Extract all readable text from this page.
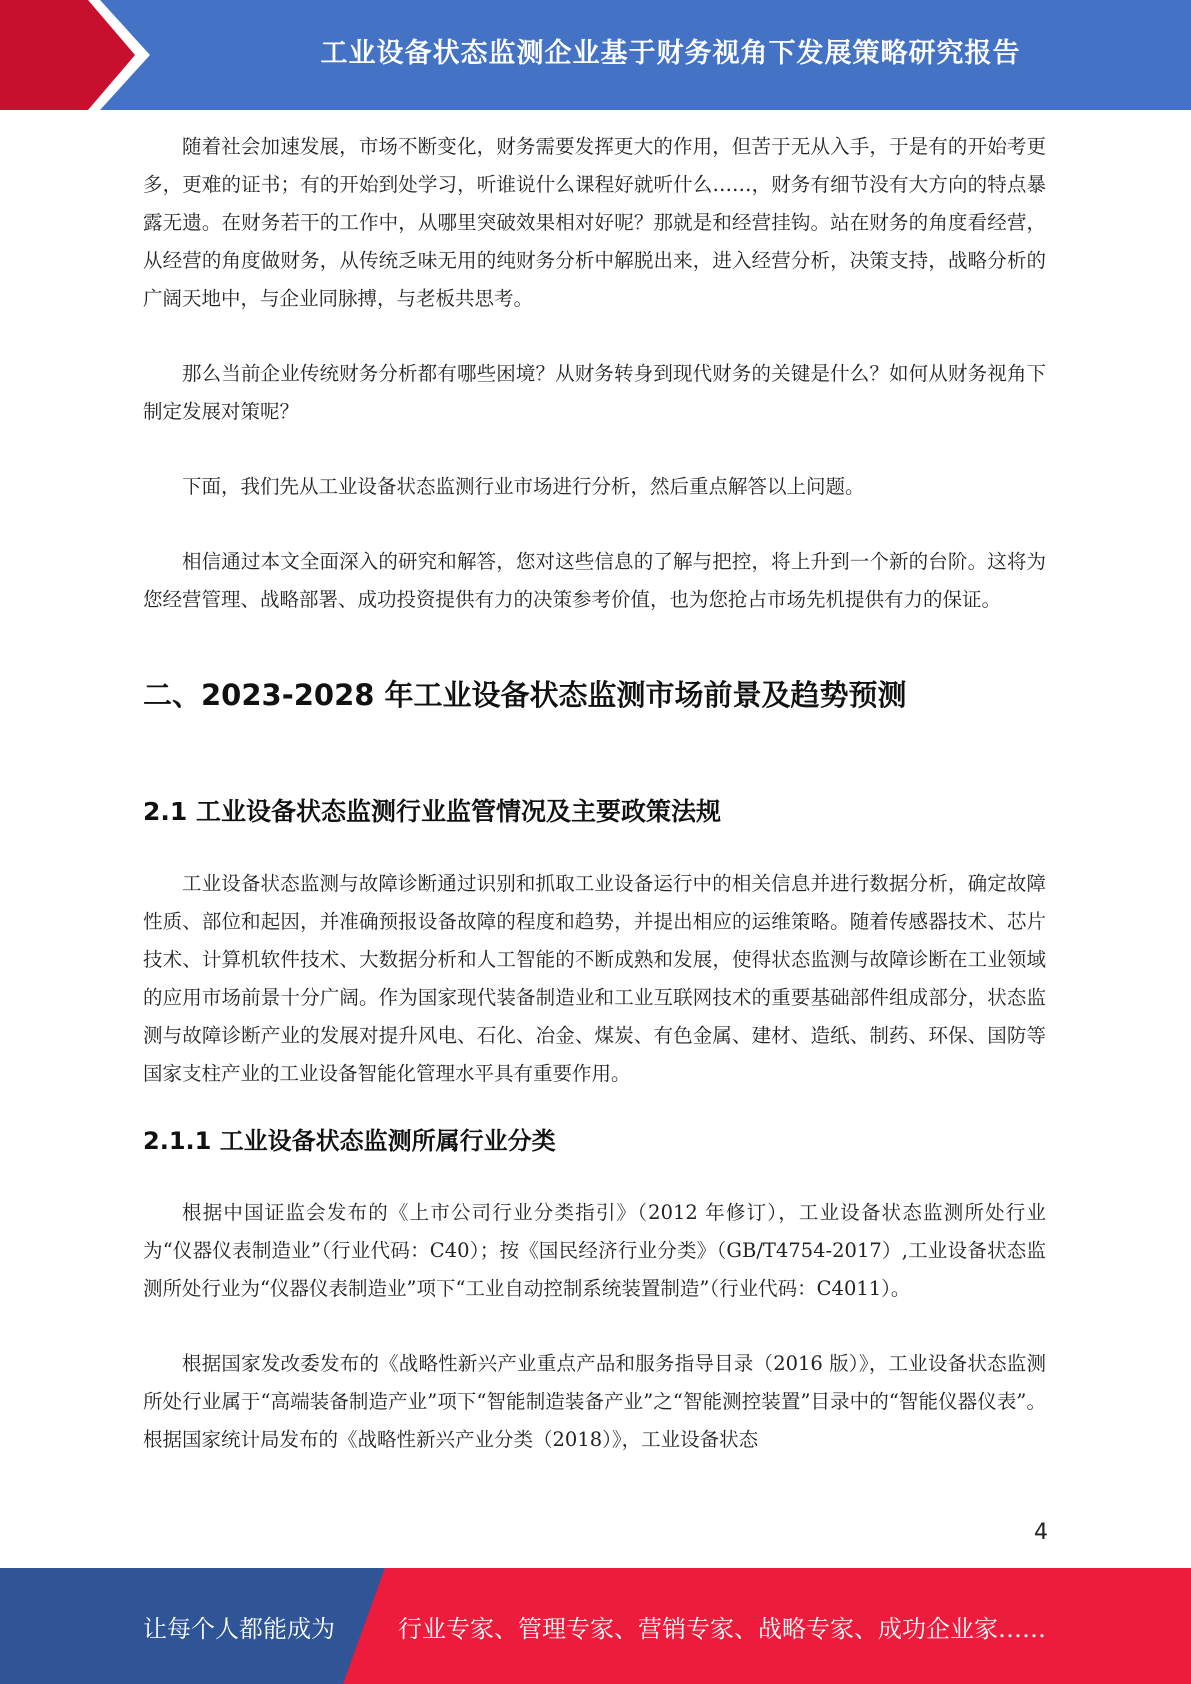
工业设备状态监测企业基于财务视角下发展策略研究报告

随着社会加速发展，市场不断变化，财务需要发挥更大的作用，但苦于无从入手，于是有的开始考更多，更难的证书；有的开始到处学习，听谁说什么课程好就听什么……，财务有细节没有大方向的特点暴露无遗。在财务若干的工作中，从哪里突破效果相对好呢？那就是和经营挂钩。站在财务的角度看经营，从经营的角度做财务，从传统乏味无用的纯财务分析中解脱出来，进入经营分析，决策支持，战略分析的广阔天地中，与企业同脉搏，与老板共思考。

那么当前企业传统财务分析都有哪些困境？从财务转身到现代财务的关键是什么？如何从财务视角下制定发展对策呢？

下面，我们先从工业设备状态监测行业市场进行分析，然后重点解答以上问题。

相信通过本文全面深入的研究和解答，您对这些信息的了解与把控，将上升到一个新的台阶。这将为您经营管理、战略部署、成功投资提供有力的决策参考价值，也为您抢占市场先机提供有力的保证。

二、2023-2028 年工业设备状态监测市场前景及趋势预测
2.1 工业设备状态监测行业监管情况及主要政策法规

工业设备状态监测与故障诊断通过识别和抓取工业设备运行中的相关信息并进行数据分析，确定故障性质、部位和起因，并准确预报设备故障的程度和趋势，并提出相应的运维策略。随着传感器技术、芯片技术、计算机软件技术、大数据分析和人工智能的不断成熟和发展，使得状态监测与故障诊断在工业领域的应用市场前景十分广阔。作为国家现代装备制造业和工业互联网技术的重要基础部件组成部分，状态监测与故障诊断产业的发展对提升风电、石化、冶金、煤炭、有色金属、建材、造纸、制药、环保、国防等国家支柱产业的工业设备智能化管理水平具有重要作用。

2.1.1 工业设备状态监测所属行业分类

根据中国证监会发布的《上市公司行业分类指引》（2012 年修订），工业设备状态监测所处行业为“仪器仪表制造业”（行业代码：C40）；按《国民经济行业分类》（GB/T4754-2017）,工业设备状态监测所处行业为“仪器仪表制造业”项下“工业自动控制系统装置制造”（行业代码：C4011）。

根据国家发改委发布的《战略性新兴产业重点产品和服务指导目录（2016 版）》，工业设备状态监测所处行业属于“高端装备制造产业”项下“智能制造装备产业”之“智能测控装置”目录中的“智能仪器仪表”。根据国家统计局发布的《战略性新兴产业分类（2018）》，工业设备状态

4
让每个人都能成为	行业专家、管理专家、营销专家、战略专家、成功企业家……
